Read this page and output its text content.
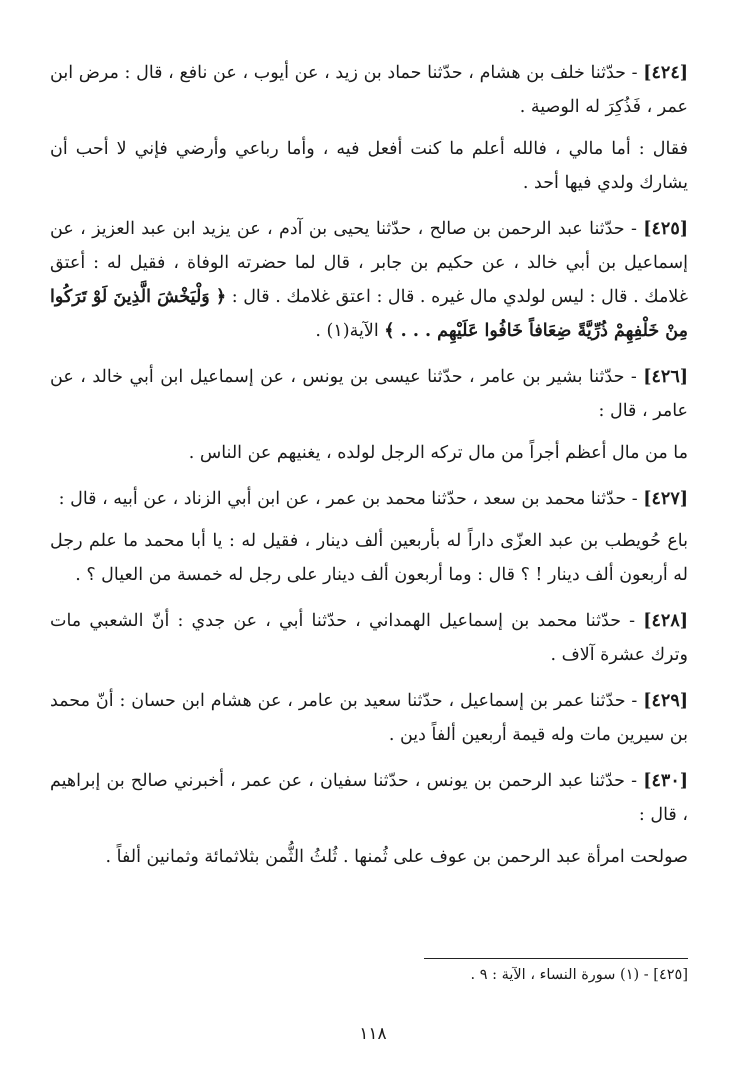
[٤٢٤] - حدّثنا خلف بن هشام ، حدّثنا حماد بن زيد ، عن أيوب ، عن نافع ، قال : مرض ابن عمر ، فَذُكِرَ له الوصية .

فقال : أما مالي ، فالله أعلم ما كنت أفعل فيه ، وأما رباعي وأرضي فإني لا أحب أن يشارك ولدي فيها أحد .

[٤٢٥] - حدّثنا عبد الرحمن بن صالح ، حدّثنا يحيى بن آدم ، عن يزيد ابن عبد العزيز ، عن إسماعيل بن أبي خالد ، عن حكيم بن جابر ، قال لما حضرته الوفاة ، فقيل له : أعتق غلامك . قال : ليس لولدي مال غيره . قال : اعتق غلامك . قال : ﴿ وَلْيَخْشَ الَّذِينَ لَوْ تَرَكُوا مِنْ خَلْفِهِمْ ذُرِّيَّةً ضِعَافاً خَافُوا عَلَيْهِم . . . ﴾ الآية(١) .

[٤٢٦] - حدّثنا بشير بن عامر ، حدّثنا عيسى بن يونس ، عن إسماعيل ابن أبي خالد ، عن عامر ، قال :

ما من مال أعظم أجراً من مال تركه الرجل لولده ، يغنيهم عن الناس .

[٤٢٧] - حدّثنا محمد بن سعد ، حدّثنا محمد بن عمر ، عن ابن أبي الزناد ، عن أبيه ، قال :

باع حُويطب بن عبد العزّى داراً له بأربعين ألف دينار ، فقيل له : يا أبا محمد ما علم رجل له أربعون ألف دينار ! ؟ قال : وما أربعون ألف دينار على رجل له خمسة من العيال ؟ .

[٤٢٨] - حدّثنا محمد بن إسماعيل الهمداني ، حدّثنا أبي ، عن جدي : أنّ الشعبي مات وترك عشرة آلاف .

[٤٢٩] - حدّثنا عمر بن إسماعيل ، حدّثنا سعيد بن عامر ، عن هشام ابن حسان : أنّ محمد بن سيرين مات وله قيمة أربعين ألفاً دين .

[٤٣٠] - حدّثنا عبد الرحمن بن يونس ، حدّثنا سفيان ، عن عمر ، أخبرني صالح بن إبراهيم ، قال :

صولحت امرأة عبد الرحمن بن عوف على ثُمنها . ثُلثُ الثُّمن بثلاثمائة وثمانين ألفاً .

[٤٢٥] - (١) سورة النساء ، الآية : ٩ .

١١٨
